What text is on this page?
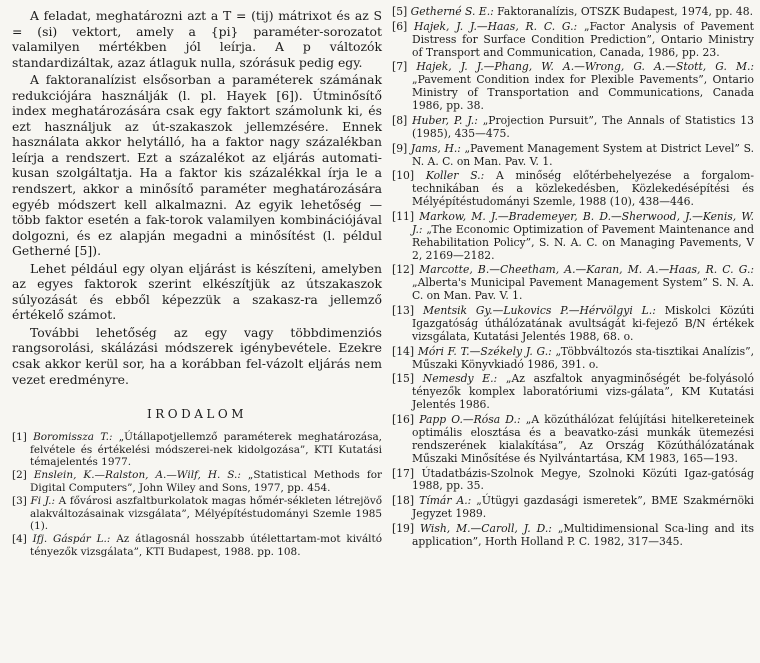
A feladat, meghatározni azt a T = (tij) mátrixot és az S = (si) vektort, amely a {pi} paraméter-sorozatot valamilyen mértékben jól leírja. A p változók standardizáltak, azaz átlaguk nulla, szórásuk pedig egy.

A faktoranalízist elsősorban a paraméterek számának redukciójára használják (l. pl. Hayek [6]). Útminősítő index meghatározására csak egy faktort számolunk ki, és ezt használjuk az út-szakaszok jellemzésére. Ennek használata akkor helytálló, ha a faktor nagy százalékban leírja a rendszert. Ezt a százalékot az eljárás automati-kusan szolgáltatja. Ha a faktor kis százalékkal írja le a rendszert, akkor a minősítő paraméter meghatározására egyéb módszert kell alkalmazni. Az egyik lehetőség — több faktor esetén a fak-torok valamilyen kombinációjával dolgozni, és ez alapján megadni a minősítést (l. példul Getherné [5]).

Lehet például egy olyan eljárást is készíteni, amelyben az egyes faktorok szerint elkészítjük az útszakaszok súlyozását és ebből képezzük a szakasz-ra jellemző értékelő számot.

További lehetőség az egy vagy többdimenziós rangsorolási, skálázási módszerek igénybevétele. Ezekre csak akkor kerül sor, ha a korábban fel-vázolt eljárás nem vezet eredményre.

IRODALOM

[1] Boromissza T.: „Útállapotjellemző paraméterek meghatározása, felvétele és értékelési módszerei-nek kidolgozása”, KTI Kutatási témajelentés 1977.

[2] Enslein, K.—Ralston, A.—Wilf, H. S.: „Statistical Methods for Digital Computers”, John Wiley and Sons, 1977, pp. 454.

[3] Fi J.: A fővárosi aszfaltburkolatok magas hőmér-sékleten létrejövő alakváltozásainak vizsgálata”, Mélyépítéstudományi Szemle 1985 (1).

[4] Ifj. Gáspár L.: Az átlagosnál hosszabb útélettartam-mot kiváltó tényezők vizsgálata”, KTI Budapest, 1988. pp. 108.

[5] Getherné S. E.: Faktoranalízis, OTSZK Budapest, 1974, pp. 48.

[6] Hajek, J. J.—Haas, R. C. G.: „Factor Analysis of Pavement Distress for Surface Condition Prediction”, Ontario Ministry of Transport and Communication, Canada, 1986, pp. 23.

[7] Hajek, J. J.—Phang, W. A.—Wrong, G. A.—Stott, G. M.: „Pavement Condition index for Plexible Pavements”, Ontario Ministry of Transportation and Communications, Canada 1986, pp. 38.

[8] Huber, P. J.: „Projection Pursuit”, The Annals of Statistics 13 (1985), 435—475.

[9] Jams, H.: „Pavement Management System at District Level” S. N. A. C. on Man. Pav. V. 1.

[10] Koller S.: A minőség előtérbehelyezése a forgalom-technikában és a közlekedésben, Közlekedésépítési és Mélyépítéstudományi Szemle, 1988 (10), 438—446.

[11] Markow, M. J.—Brademeyer, B. D.—Sherwood, J.—Kenis, W. J.: „The Economic Optimization of Pavement Maintenance and Rehabilitation Policy”, S. N. A. C. on Managing Pavements, V 2, 2169—2182.

[12] Marcotte, B.—Cheetham, A.—Karan, M. A.—Haas, R. C. G.: „Alberta's Municipal Pavement Management System” S. N. A. C. on Man. Pav. V. 1.

[13] Mentsik Gy.—Lukovics P.—Hérvölgyi L.: Miskolci Közúti Igazgatóság úthálózatának avultságát ki-fejező B/N értékek vizsgálata, Kutatási Jelentés 1988, 68. o.

[14] Móri F. T.—Székely J. G.: „Többváltozós sta-tisztikai Analízis”, Műszaki Könyvkiadó 1986, 391. o.

[15] Nemesdy E.: „Az aszfaltok anyagminőségét be-folyásoló tényezők komplex laboratóriumi vizs-gálata”, KM Kutatási Jelentés 1986.

[16] Papp O.—Rósa D.: „A közúthálózat felújítási hitelkereteinek optimális elosztása és a beavatko-zási munkák ütemezési rendszerének kialakítása”, Az Ország Közúthálózatának Műszaki Minősítése és Nyilvántartása, KM 1983, 165—193.

[17] Útadatbázis-Szolnok Megye, Szolnoki Közúti Igaz-gatóság 1988, pp. 35.

[18] Tímár A.: „Útügyi gazdasági ismeretek”, BME Szakmérnöki Jegyzet 1989.

[19] Wish, M.—Caroll, J. D.: „Multidimensional Sca-ling and its application”, Horth Holland P. C. 1982, 317—345.
